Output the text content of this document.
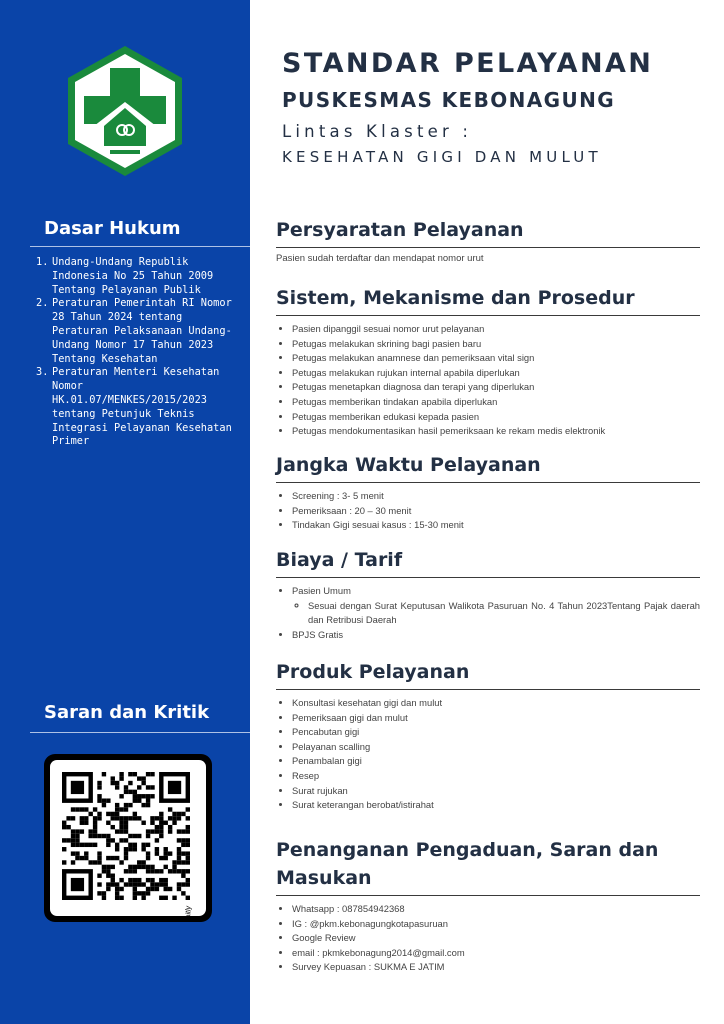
Dasar Hukum
1. Undang-Undang Republik Indonesia No 25 Tahun 2009 Tentang Pelayanan Publik
2. Peraturan Pemerintah RI Nomor 28 Tahun 2024 tentang Peraturan Pelaksanaan Undang-Undang Nomor 17 Tahun 2023 Tentang Kesehatan
3. Peraturan Menteri Kesehatan Nomor HK.01.07/MENKES/2015/2023 tentang Petunjuk Teknis Integrasi Pelayanan Kesehatan Primer
Saran dan Kritik
bitly
STANDAR PELAYANAN
PUSKESMAS KEBONAGUNG

Lintas Klaster :

KESEHATAN GIGI DAN MULUT

Persyaratan Pelayanan

Pasien sudah terdaftar dan mendapat nomor urut

Sistem, Mekanisme dan Prosedur
• Pasien dipanggil sesuai nomor urut pelayanan
• Petugas melakukan skrining bagi pasien baru
• Petugas melakukan anamnese dan pemeriksaan vital sign
• Petugas melakukan rujukan internal apabila diperlukan
• Petugas menetapkan diagnosa dan terapi yang diperlukan
• Petugas memberikan tindakan apabila diperlukan
• Petugas memberikan edukasi kepada pasien
• Petugas mendokumentasikan hasil pemeriksaan ke rekam medis elektronik
Jangka Waktu Pelayanan
• Screening : 3- 5 menit
• Pemeriksaan : 20 – 30 menit
• Tindakan Gigi sesuai kasus : 15-30 menit
Biaya / Tarif
• Pasien Umum
◦ Sesuai dengan Surat Keputusan Walikota Pasuruan No. 4 Tahun 2023Tentang Pajak daerah dan Retribusi Daerah
• BPJS Gratis
Produk Pelayanan
• Konsultasi kesehatan gigi dan mulut
• Pemeriksaan gigi dan mulut
• Pencabutan gigi
• Pelayanan scalling
• Penambalan gigi
• Resep
• Surat rujukan
• Surat keterangan berobat/istirahat
Penanganan Pengaduan, Saran dan
Masukan
• Whatsapp : 087854942368
• IG : @pkm.kebonagungkotapasuruan
• Google Review
• email : pkmkebonagung2014@gmail.com
• Survey Kepuasan : SUKMA E JATIM
